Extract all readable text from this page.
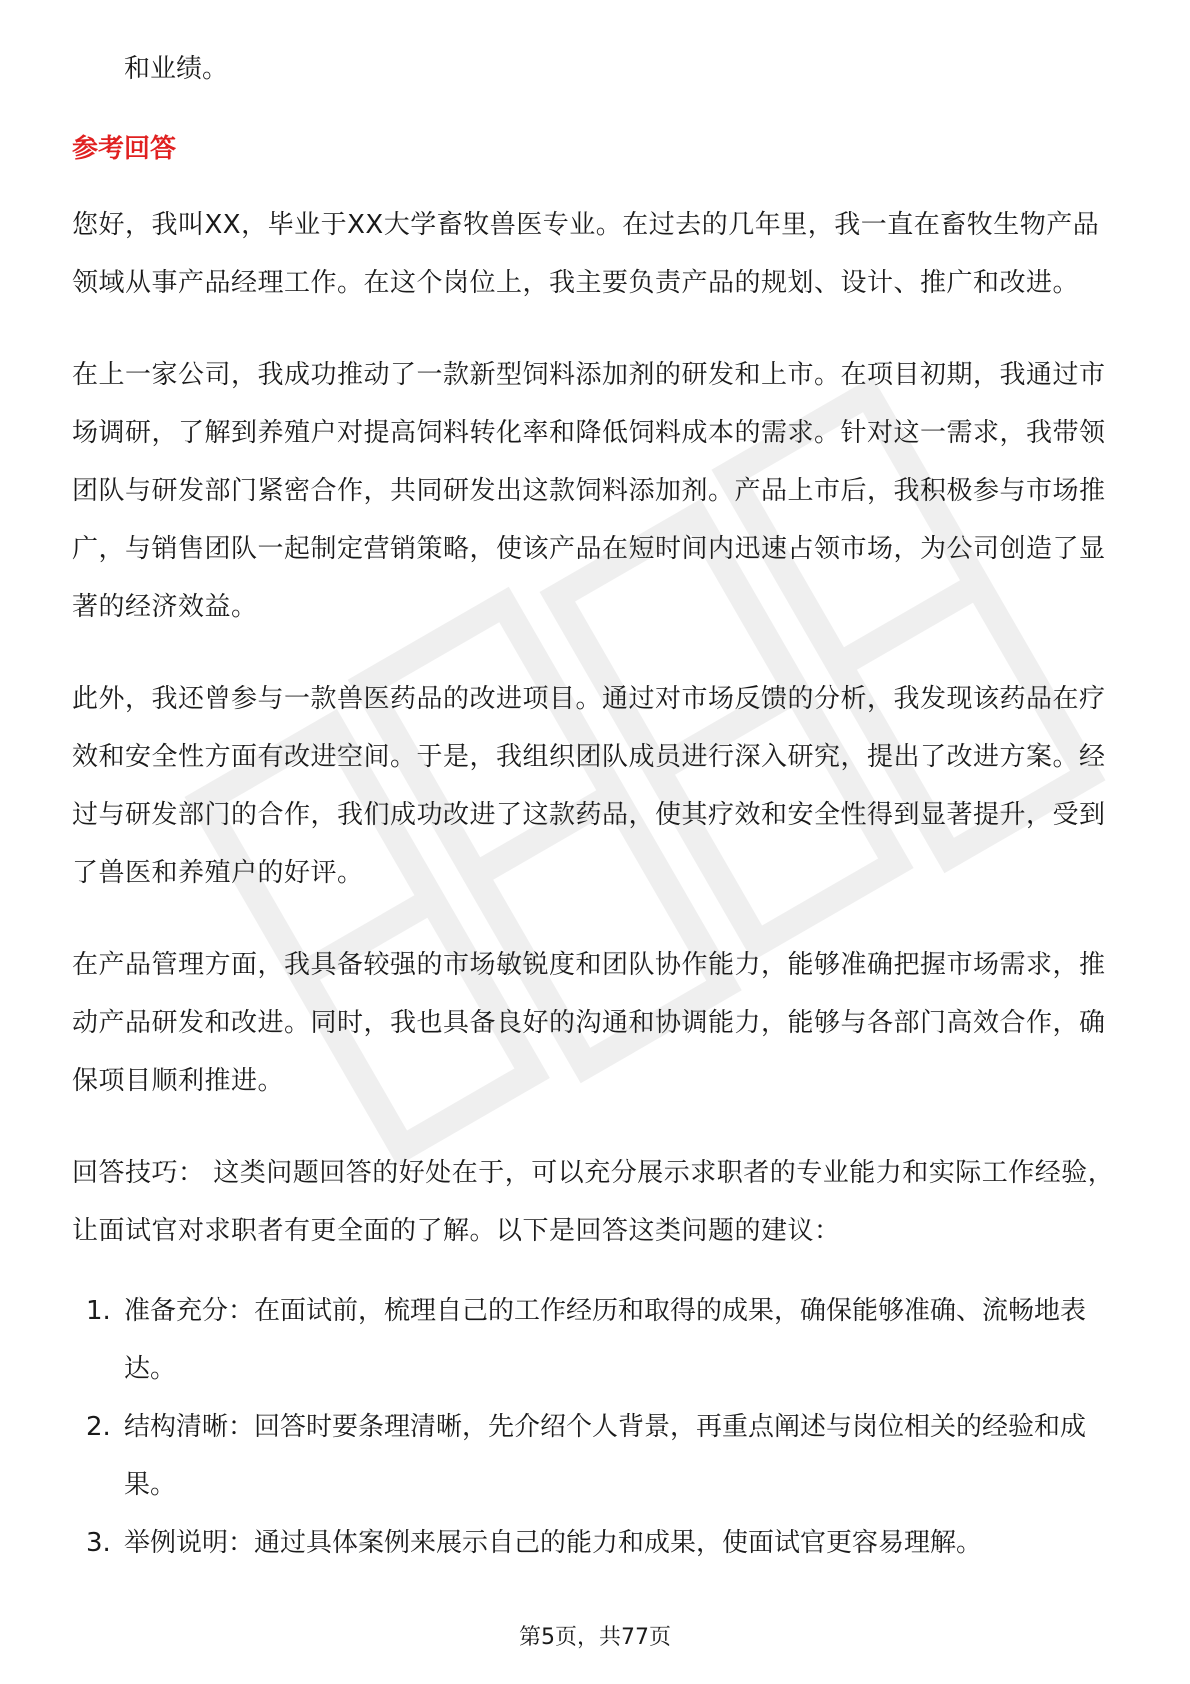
和业绩。

参考回答

您好，我叫XX，毕业于XX大学畜牧兽医专业。在过去的几年里，我一直在畜牧生物产品领域从事产品经理工作。在这个岗位上，我主要负责产品的规划、设计、推广和改进。

在上一家公司，我成功推动了一款新型饲料添加剂的研发和上市。在项目初期，我通过市场调研，了解到养殖户对提高饲料转化率和降低饲料成本的需求。针对这一需求，我带领团队与研发部门紧密合作，共同研发出这款饲料添加剂。产品上市后，我积极参与市场推广，与销售团队一起制定营销策略，使该产品在短时间内迅速占领市场，为公司创造了显著的经济效益。

此外，我还曾参与一款兽医药品的改进项目。通过对市场反馈的分析，我发现该药品在疗效和安全性方面有改进空间。于是，我组织团队成员进行深入研究，提出了改进方案。经过与研发部门的合作，我们成功改进了这款药品，使其疗效和安全性得到显著提升，受到了兽医和养殖户的好评。

在产品管理方面，我具备较强的市场敏锐度和团队协作能力，能够准确把握市场需求，推动产品研发和改进。同时，我也具备良好的沟通和协调能力，能够与各部门高效合作，确保项目顺利推进。

回答技巧： 这类问题回答的好处在于，可以充分展示求职者的专业能力和实际工作经验，让面试官对求职者有更全面的了解。以下是回答这类问题的建议：

1. 准备充分：在面试前，梳理自己的工作经历和取得的成果，确保能够准确、流畅地表达。
2. 结构清晰：回答时要条理清晰，先介绍个人背景，再重点阐述与岗位相关的经验和成果。
3. 举例说明：通过具体案例来展示自己的能力和成果，使面试官更容易理解。
第5页，共77页
